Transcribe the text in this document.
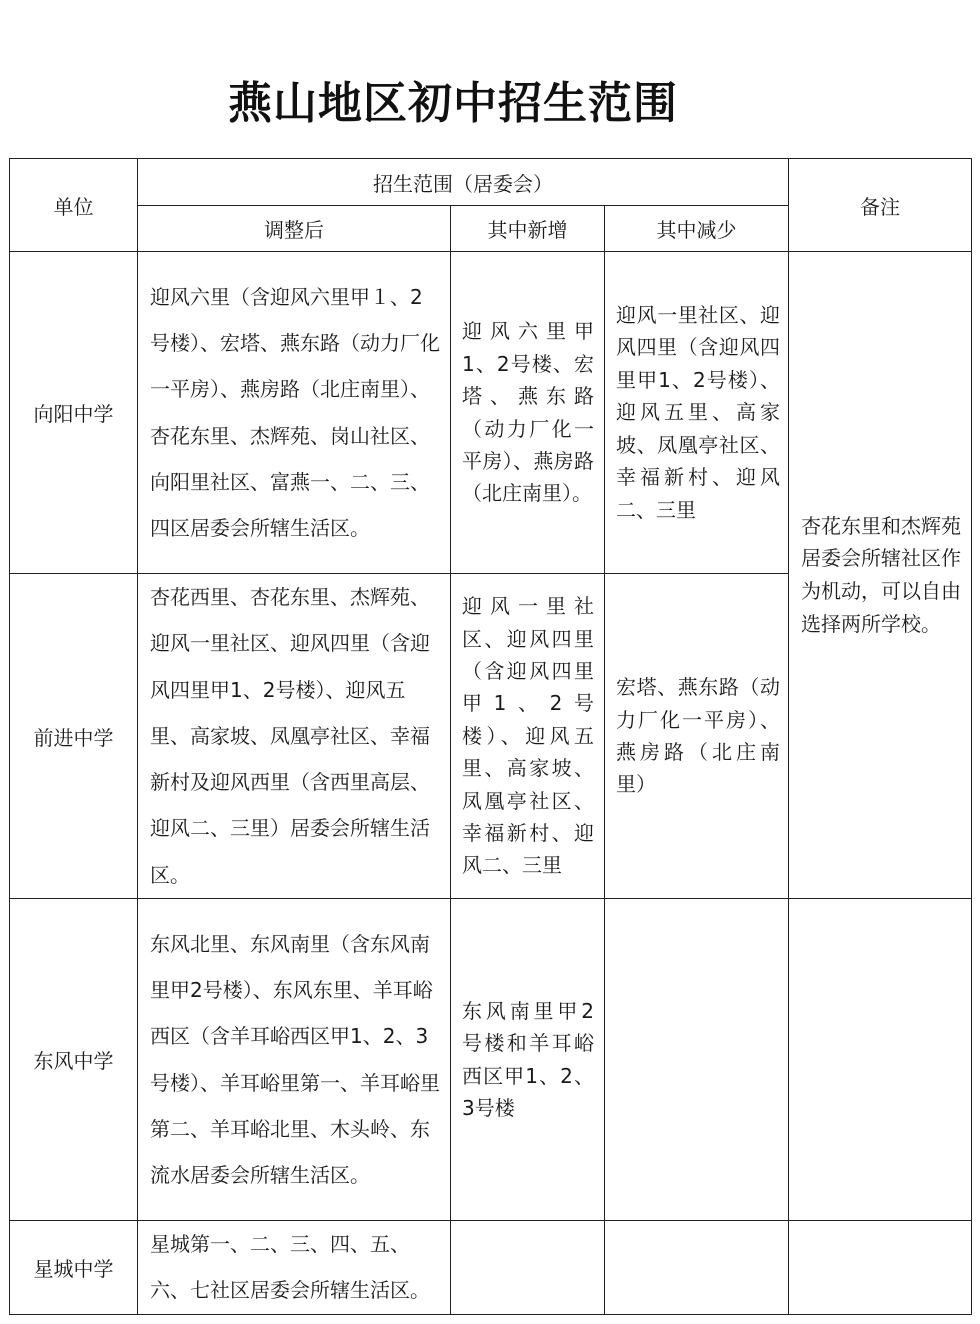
燕山地区初中招生范围
单位	招生范围（居委会）			备注
	调整后	其中新增	其中减少	
向阳中学	迎风六里（含迎风六里甲１、2号楼）、宏塔、燕东路（动力厂化一平房）、燕房路（北庄南里）、杏花东里、杰辉苑、岗山社区、向阳里社区、富燕一、二、三、四区居委会所辖生活区。	迎风六里甲1、2号楼、宏塔、燕东路（动力厂化一平房）、燕房路（北庄南里）。	迎风一里社区、迎风四里（含迎风四里甲1、2号楼）、迎风五里、高家坡、凤凰亭社区、幸福新村、迎风二、三里	杏花东里和杰辉苑居委会所辖社区作为机动，可以自由选择两所学校。
前进中学	杏花西里、杏花东里、杰辉苑、迎风一里社区、迎风四里（含迎风四里甲1、2号楼）、迎风五里、高家坡、凤凰亭社区、幸福新村及迎风西里（含西里高层、迎风二、三里）居委会所辖生活区。	迎风一里社区、迎风四里（含迎风四里甲1、2号楼）、迎风五里、高家坡、凤凰亭社区、幸福新村、迎风二、三里	宏塔、燕东路（动力厂化一平房）、燕房路（北庄南里）	
东风中学	东风北里、东风南里（含东风南里甲2号楼）、东风东里、羊耳峪西区（含羊耳峪西区甲1、2、3号楼）、羊耳峪里第一、羊耳峪里第二、羊耳峪北里、木头岭、东流水居委会所辖生活区。	东风南里甲2号楼和羊耳峪西区甲1、2、3号楼		
星城中学	星城第一、二、三、四、五、六、七社区居委会所辖生活区。			
